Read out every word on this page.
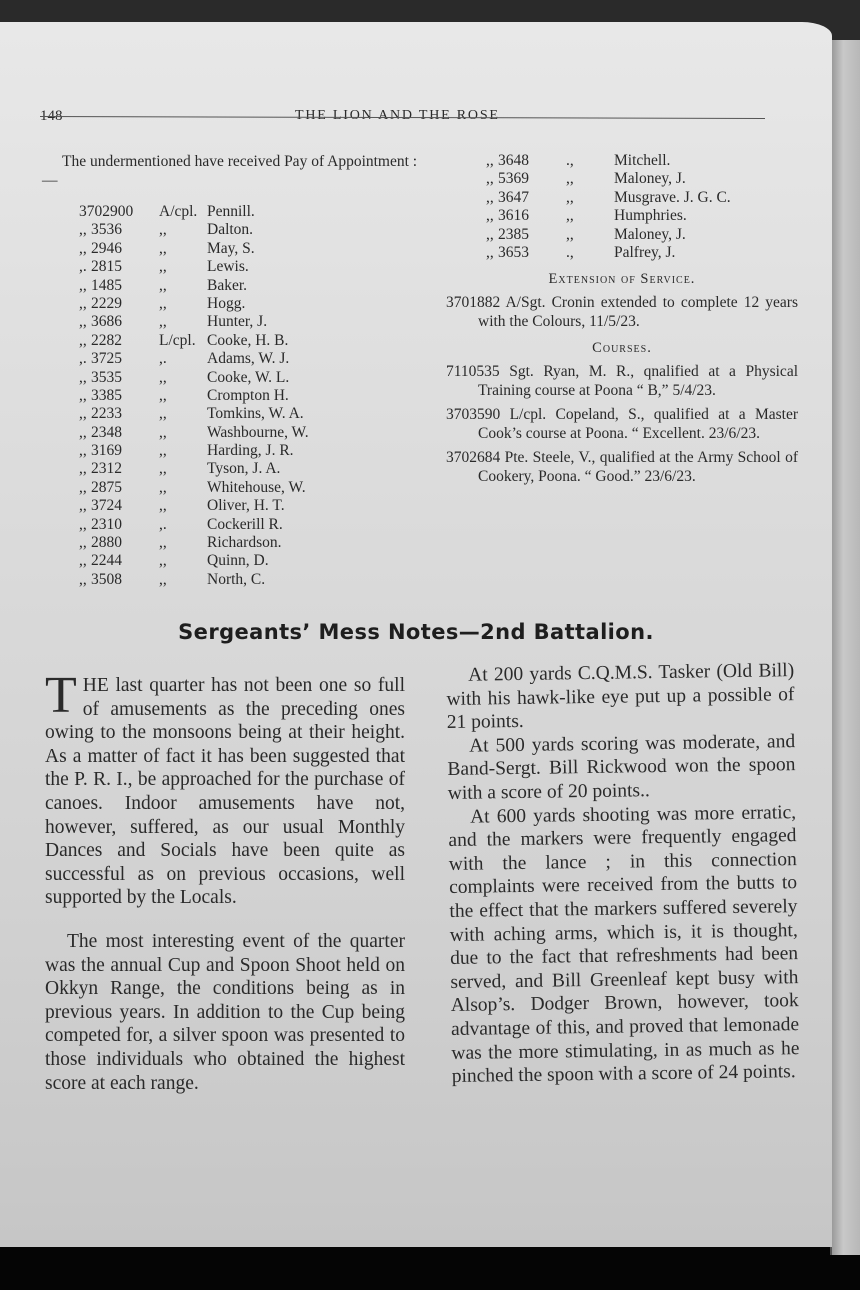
148	THE LION AND THE ROSE

The undermentioned have received Pay of Appointment :—

3702900	A/cpl. Pennill.
,, 3536	,,	Dalton.
,, 2946	,,	May, S.
,. 2815	,,	Lewis.
,, 1485	,,	Baker.
,, 2229	,,	Hogg.
,, 3686	,,	Hunter, J.
,, 2282	L/cpl. Cooke, H. B.
,. 3725	,.	Adams, W. J.
,, 3535	,,	Cooke, W. L.
,, 3385	,,	Crompton H.
,, 2233	,,	Tomkins, W. A.
,, 2348	,,	Washbourne, W.
,, 3169	,,	Harding, J. R.
,, 2312	,,	Tyson, J. A.
,, 2875	,,	Whitehouse, W.
,, 3724	,,	Oliver, H. T.
,, 2310	,.	Cockerill R.
,, 2880	,,	Richardson.
,, 2244	,,	Quinn, D.
,, 3508	,,	North, C.
,, 3648	.,	Mitchell.
,, 5369	,,	Maloney, J.
,, 3647	,,	Musgrave. J. G. C.
,, 3616	,,	Humphries.
,, 2385	,,	Maloney, J.
,, 3653	.,	Palfrey, J.
Extension of Service.

3701882 A/Sgt. Cronin extended to complete 12 years with the Colours, 11/5/23.

Courses.

7110535 Sgt. Ryan, M. R., qnalified at a Physical Training course at Poona “ B,” 5/4/23.

3703590 L/cpl. Copeland, S., qualified at a Master Cook’s course at Poona. “ Excellent. 23/6/23.

3702684 Pte. Steele, V., qualified at the Army School of Cookery, Poona. “ Good.” 23/6/23.

Sergeants’ Mess Notes—2nd Battalion.

THE last quarter has not been one so full of amusements as the preceding ones owing to the monsoons being at their height. As a matter of fact it has been suggested that the P. R. I., be approached for the purchase of canoes. Indoor amusements have not, however, suffered, as our usual Monthly Dances and Socials have been quite as successful as on previous occasions, well supported by the Locals.

The most interesting event of the quarter was the annual Cup and Spoon Shoot held on Okkyn Range, the conditions being as in previous years. In addition to the Cup being competed for, a silver spoon was presented to those individuals who obtained the highest score at each range.

At 200 yards C.Q.M.S. Tasker (Old Bill) with his hawk-like eye put up a possible of 21 points.

At 500 yards scoring was moderate, and Band-Sergt. Bill Rickwood won the spoon with a score of 20 points..

At 600 yards shooting was more erratic, and the markers were frequently engaged with the lance ; in this connection complaints were received from the butts to the effect that the markers suffered severely with aching arms, which is, it is thought, due to the fact that refreshments had been served, and Bill Greenleaf kept busy with Alsop’s. Dodger Brown, however, took advantage of this, and proved that lemonade was the more stimulating, in as much as he pinched the spoon with a score of 24 points.
